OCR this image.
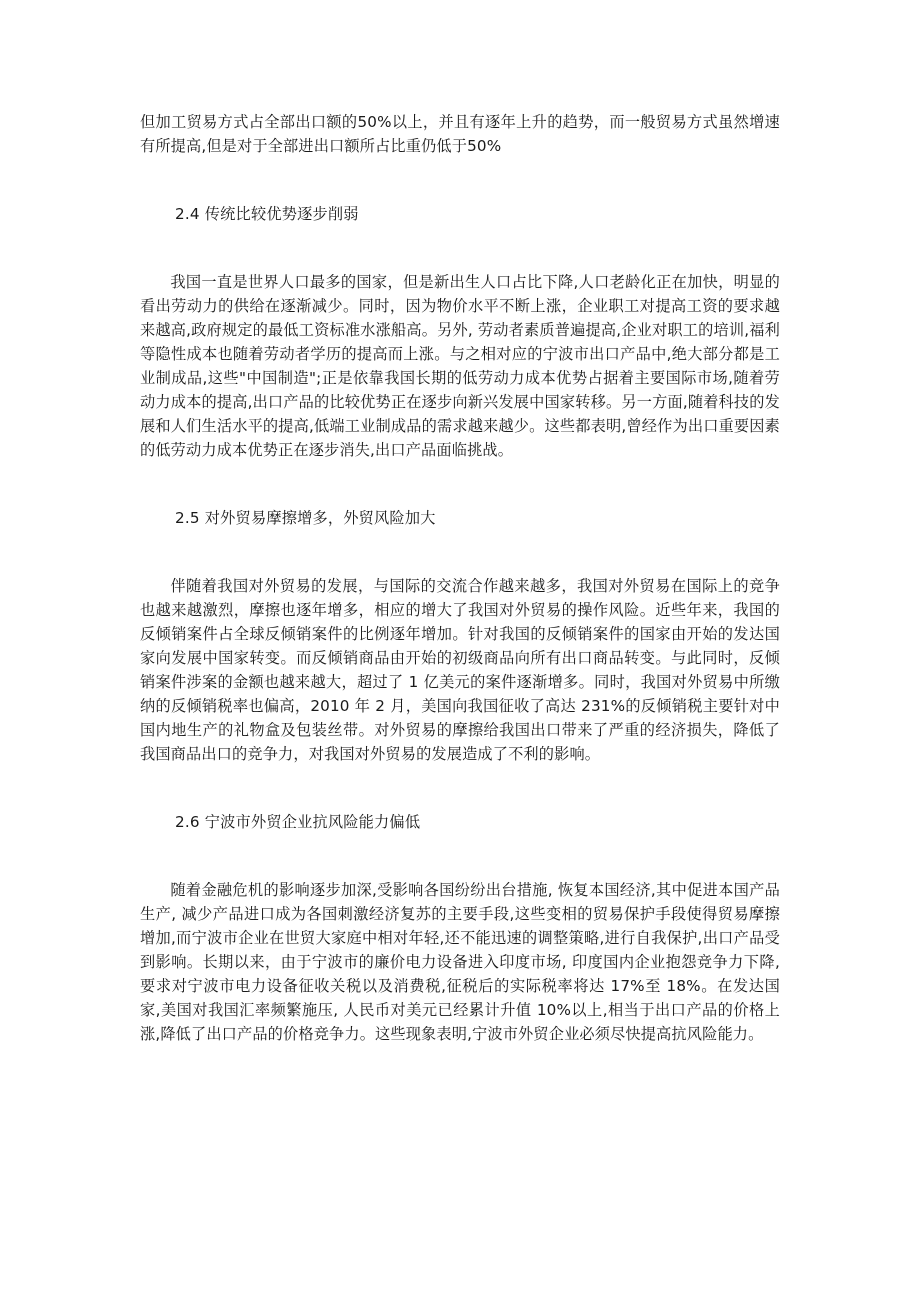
但加工贸易方式占全部出口额的50%以上，并且有逐年上升的趋势，而一般贸易方式虽然增速有所提高,但是对于全部进出口额所占比重仍低于50%

2.4 传统比较优势逐步削弱

我国一直是世界人口最多的国家，但是新出生人口占比下降,人口老龄化正在加快，明显的看出劳动力的供给在逐渐减少。同时，因为物价水平不断上涨，企业职工对提高工资的要求越来越高,政府规定的最低工资标准水涨船高。另外, 劳动者素质普遍提高,企业对职工的培训,福利等隐性成本也随着劳动者学历的提高而上涨。与之相对应的宁波市出口产品中,绝大部分都是工业制成品,这些"中国制造";正是依靠我国长期的低劳动力成本优势占据着主要国际市场,随着劳动力成本的提高,出口产品的比较优势正在逐步向新兴发展中国家转移。另一方面,随着科技的发展和人们生活水平的提高,低端工业制成品的需求越来越少。这些都表明,曾经作为出口重要因素的低劳动力成本优势正在逐步消失,出口产品面临挑战。

2.5 对外贸易摩擦增多，外贸风险加大

伴随着我国对外贸易的发展，与国际的交流合作越来越多，我国对外贸易在国际上的竞争也越来越激烈，摩擦也逐年增多，相应的增大了我国对外贸易的操作风险。近些年来，我国的反倾销案件占全球反倾销案件的比例逐年增加。针对我国的反倾销案件的国家由开始的发达国家向发展中国家转变。而反倾销商品由开始的初级商品向所有出口商品转变。与此同时，反倾销案件涉案的金额也越来越大，超过了 1 亿美元的案件逐渐增多。同时，我国对外贸易中所缴纳的反倾销税率也偏高，2010 年 2 月，美国向我国征收了高达 231%的反倾销税主要针对中国内地生产的礼物盒及包装丝带。对外贸易的摩擦给我国出口带来了严重的经济损失，降低了我国商品出口的竞争力，对我国对外贸易的发展造成了不利的影响。

2.6 宁波市外贸企业抗风险能力偏低

随着金融危机的影响逐步加深,受影响各国纷纷出台措施, 恢复本国经济,其中促进本国产品生产, 减少产品进口成为各国刺激经济复苏的主要手段,这些变相的贸易保护手段使得贸易摩擦增加,而宁波市企业在世贸大家庭中相对年轻,还不能迅速的调整策略,进行自我保护,出口产品受到影响。长期以来，由于宁波市的廉价电力设备进入印度市场, 印度国内企业抱怨竞争力下降,要求对宁波市电力设备征收关税以及消费税,征税后的实际税率将达 17%至 18%。在发达国家,美国对我国汇率频繁施压, 人民币对美元已经累计升值 10%以上,相当于出口产品的价格上涨,降低了出口产品的价格竞争力。这些现象表明,宁波市外贸企业必须尽快提高抗风险能力。
